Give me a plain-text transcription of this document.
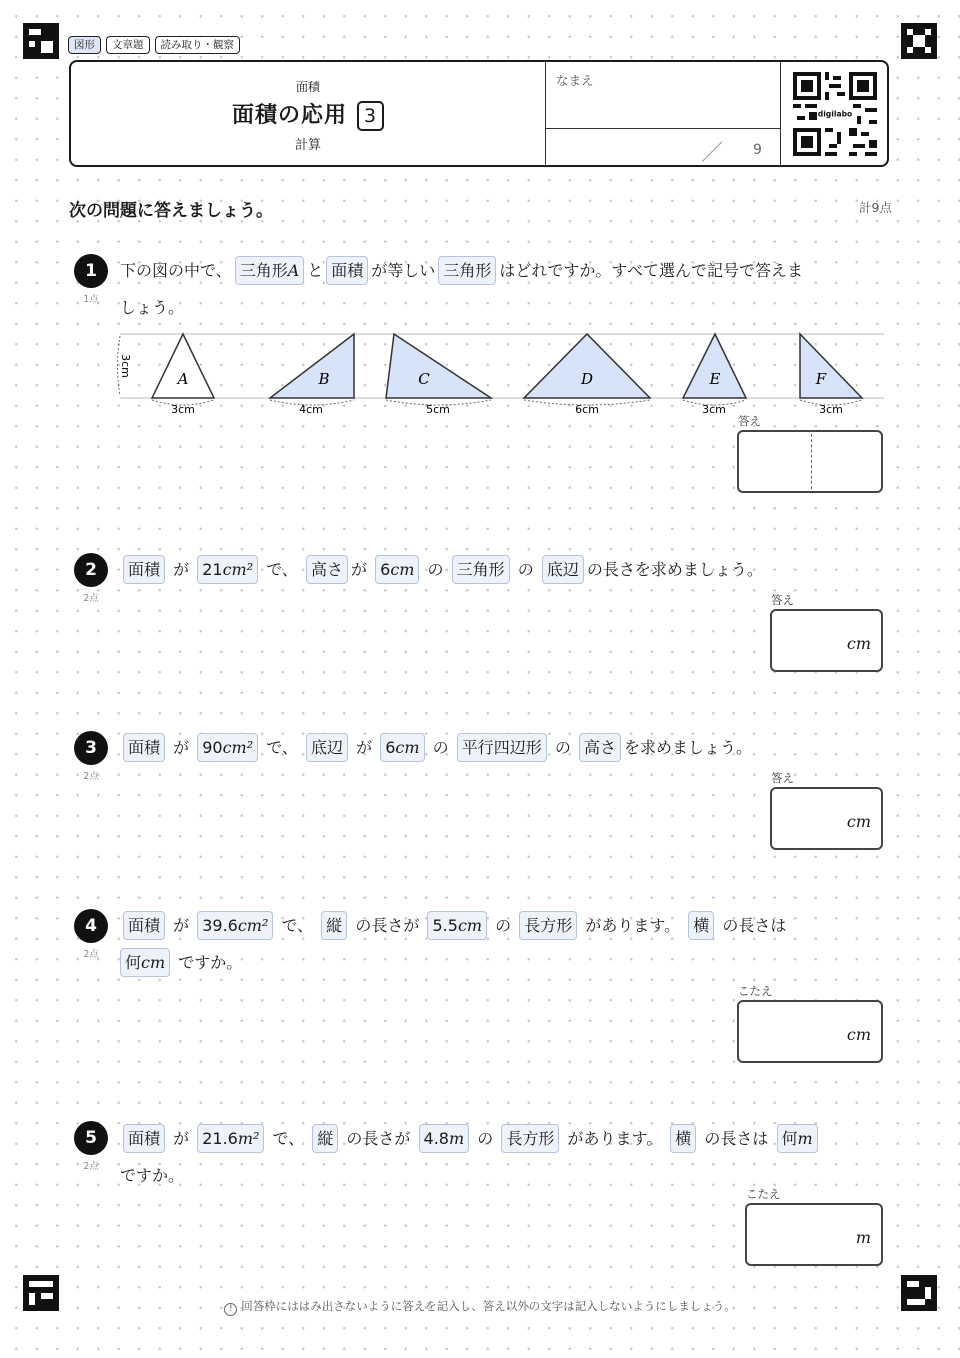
図形	文章題	読み取り・観察
面積
面積の応用 3
計算
なまえ
／ 9
digilabo
次の問題に答えましょう。	計9点
1
1点
下の図の中で、 三角形A と 面積 が等しい 三角形 はどれですか。すべて選んで記号で答えま
しょう。
3cm
A
3cm
B
4cm
C
5cm
D
6cm
E
3cm
F
3cm
答え
2
2点
面積 が 21cm² で、 高さ が 6cm の 三角形 の 底辺 の長さを求めましょう。
答え
cm
3
2点
面積 が 90cm² で、 底辺 が 6cm の 平行四辺形 の 高さ を求めましょう。
答え
cm
4
2点
面積 が 39.6cm² で、 縦 の長さが 5.5cm の 長方形 があります。 横 の長さは
何cm ですか。
こたえ
cm
5
2点
面積 が 21.6m² で、 縦 の長さが 4.8m の 長方形 があります。 横 の長さは 何m
ですか。
こたえ
m
! 回答枠にははみ出さないように答えを記入し、答え以外の文字は記入しないようにしましょう。
